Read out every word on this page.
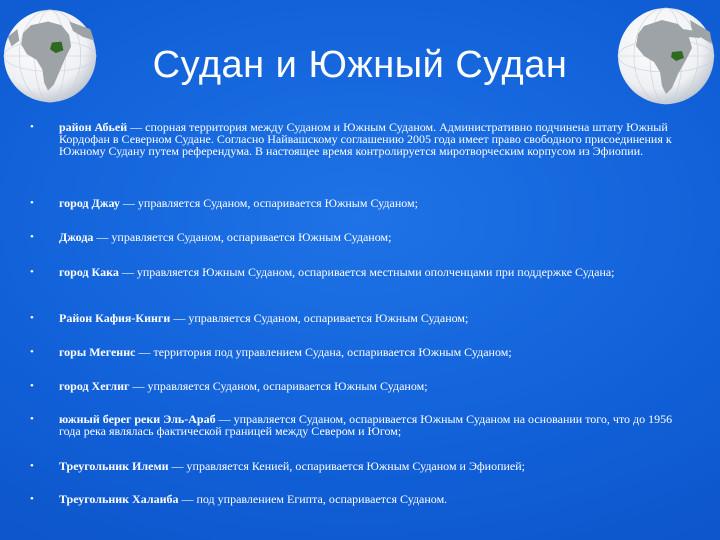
Судан и Южный Судан
• район Абьей — спорная территория между Суданом и Южным Суданом. Административно подчинена штату Южный Кордофан в Северном Судане. Согласно Найвашскому соглашению 2005 года имеет право свободного присоединения к Южному Судану путем референдума. В настоящее время контролируется миротворческим корпусом из Эфиопии.
• город Джау — управляется Суданом, оспаривается Южным Суданом;
• Джода — управляется Суданом, оспаривается Южным Суданом;
• город Кака — управляется Южным Суданом, оспаривается местными ополченцами при поддержке Судана;
• Район Кафия-Кинги — управляется Суданом, оспаривается Южным Суданом;
• горы Мегеннс — территория под управлением Судана, оспаривается Южным Суданом;
• город Хеглиг — управляется Суданом, оспаривается Южным Суданом;
• южный берег реки Эль-Араб — управляется Суданом, оспаривается Южным Суданом на основании того, что до 1956 года река являлась фактической границей между Севером и Югом;
• Треугольник Илеми — управляется Кенией, оспаривается Южным Суданом и Эфиопией;
• Треугольник Халаиба — под управлением Египта, оспаривается Суданом.
